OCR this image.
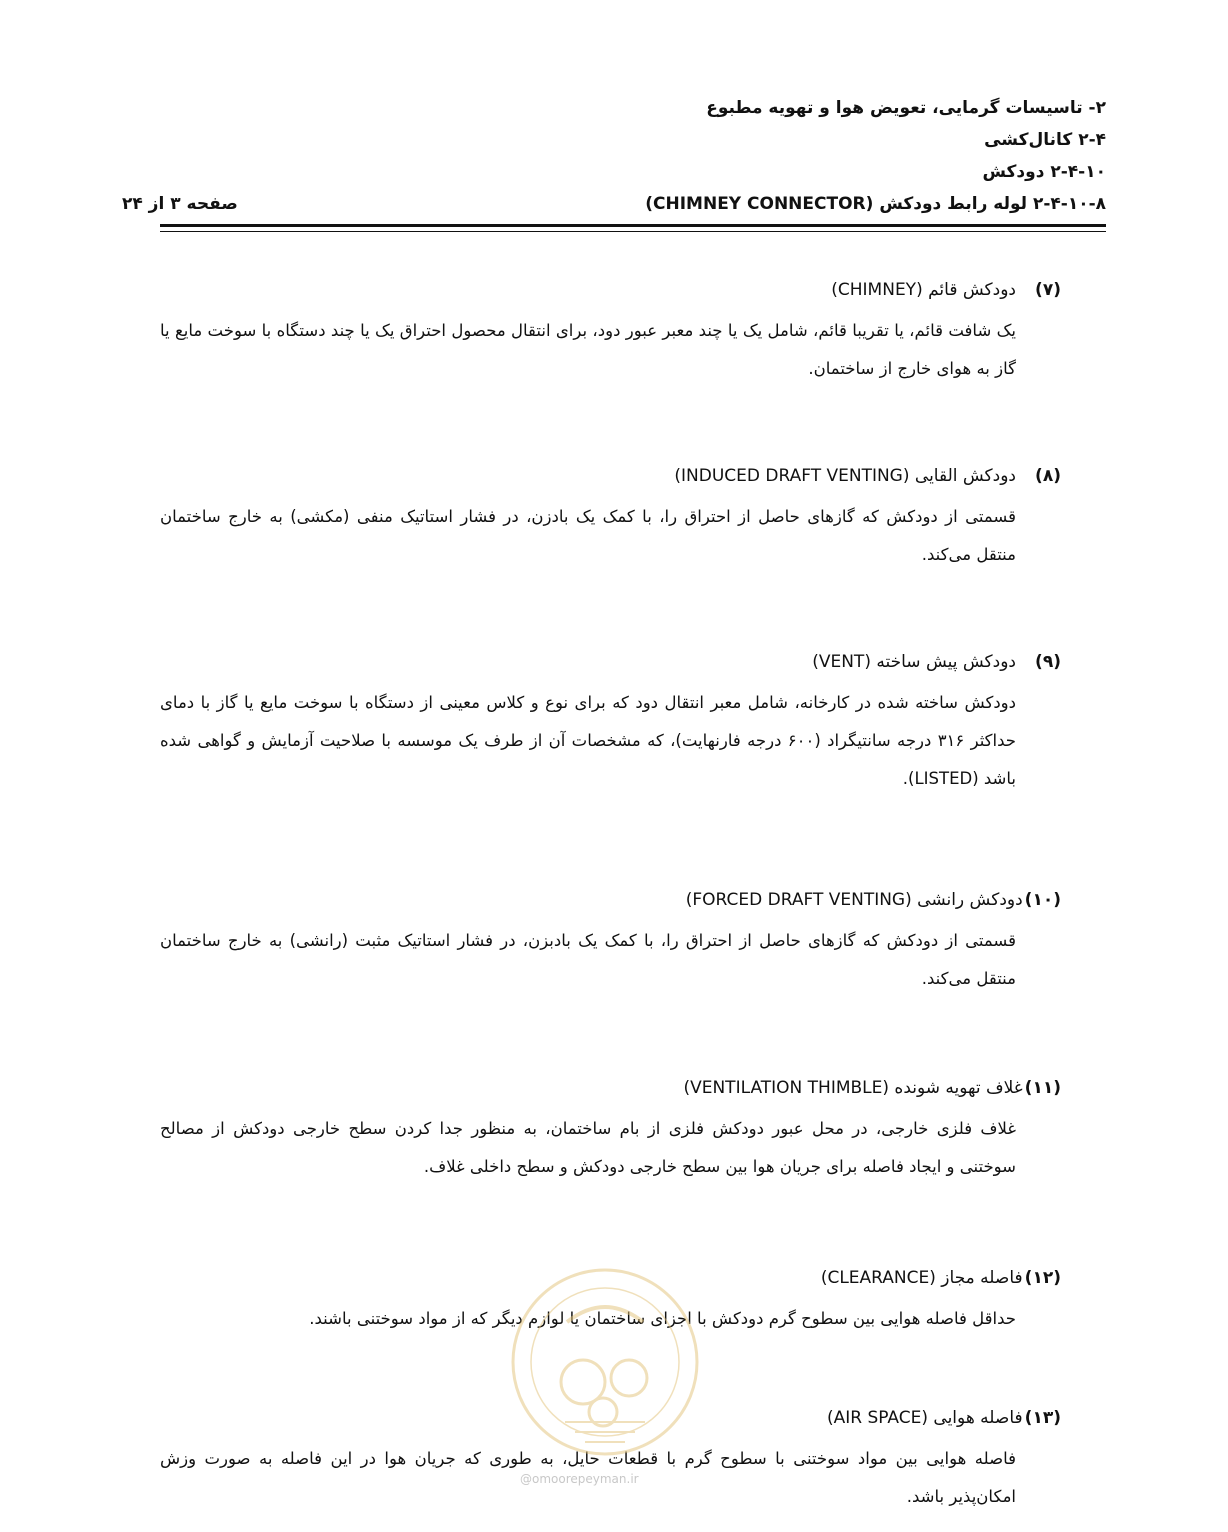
۲- تاسیسات گرمایی، تعویض هوا و تهویه مطبوع
۲-۴ کانال‌کشی
۲-۴-۱۰ دودکش
۲-۴-۱۰-۸ لوله رابط دودکش (CHIMNEY CONNECTOR)
صفحه ۳ از ۲۴
(۷)
دودکش قائم (CHIMNEY)
یک شافت قائم، یا تقریبا قائم، شامل یک یا چند معبر عبور دود، برای انتقال محصول احتراق یک یا چند دستگاه با سوخت مایع یا گاز به هوای خارج از ساختمان.
(۸)
دودکش القایی (INDUCED DRAFT VENTING)
قسمتی از دودکش که گازهای حاصل از احتراق را، با کمک یک بادزن، در فشار استاتیک منفی (مکشی) به خارج ساختمان منتقل می‌کند.
(۹)
دودکش پیش ساخته (VENT)
دودکش ساخته شده در کارخانه، شامل معبر انتقال دود که برای نوع و کلاس معینی از دستگاه با سوخت مایع یا گاز با دمای حداکثر ۳۱۶ درجه سانتیگراد (۶۰۰ درجه فارنهایت)، که مشخصات آن از طرف یک موسسه با صلاحیت آزمایش و گواهی شده باشد (LISTED).
(۱۰)
دودکش رانشی (FORCED DRAFT VENTING)
قسمتی از دودکش که گازهای حاصل از احتراق را، با کمک یک بادبزن، در فشار استاتیک مثبت (رانشی) به خارج ساختمان منتقل می‌کند.
(۱۱)
غلاف تهویه شونده (VENTILATION THIMBLE)
غلاف فلزی خارجی، در محل عبور دودکش فلزی از بام ساختمان، به منظور جدا کردن سطح خارجی دودکش از مصالح سوختنی و ایجاد فاصله برای جریان هوا بین سطح خارجی دودکش و سطح داخلی غلاف.
(۱۲)
فاصله مجاز (CLEARANCE)
حداقل فاصله هوایی بین سطوح گرم دودکش با اجزای ساختمان یا لوازم دیگر که از مواد سوختنی باشند.
(۱۳)
فاصله هوایی (AIR SPACE)
فاصله هوایی بین مواد سوختنی با سطوح گرم با قطعات حایل، به طوری که جریان هوا در این فاصله به صورت وزش امکان‌پذیر باشد.
@omoorepeyman.ir
